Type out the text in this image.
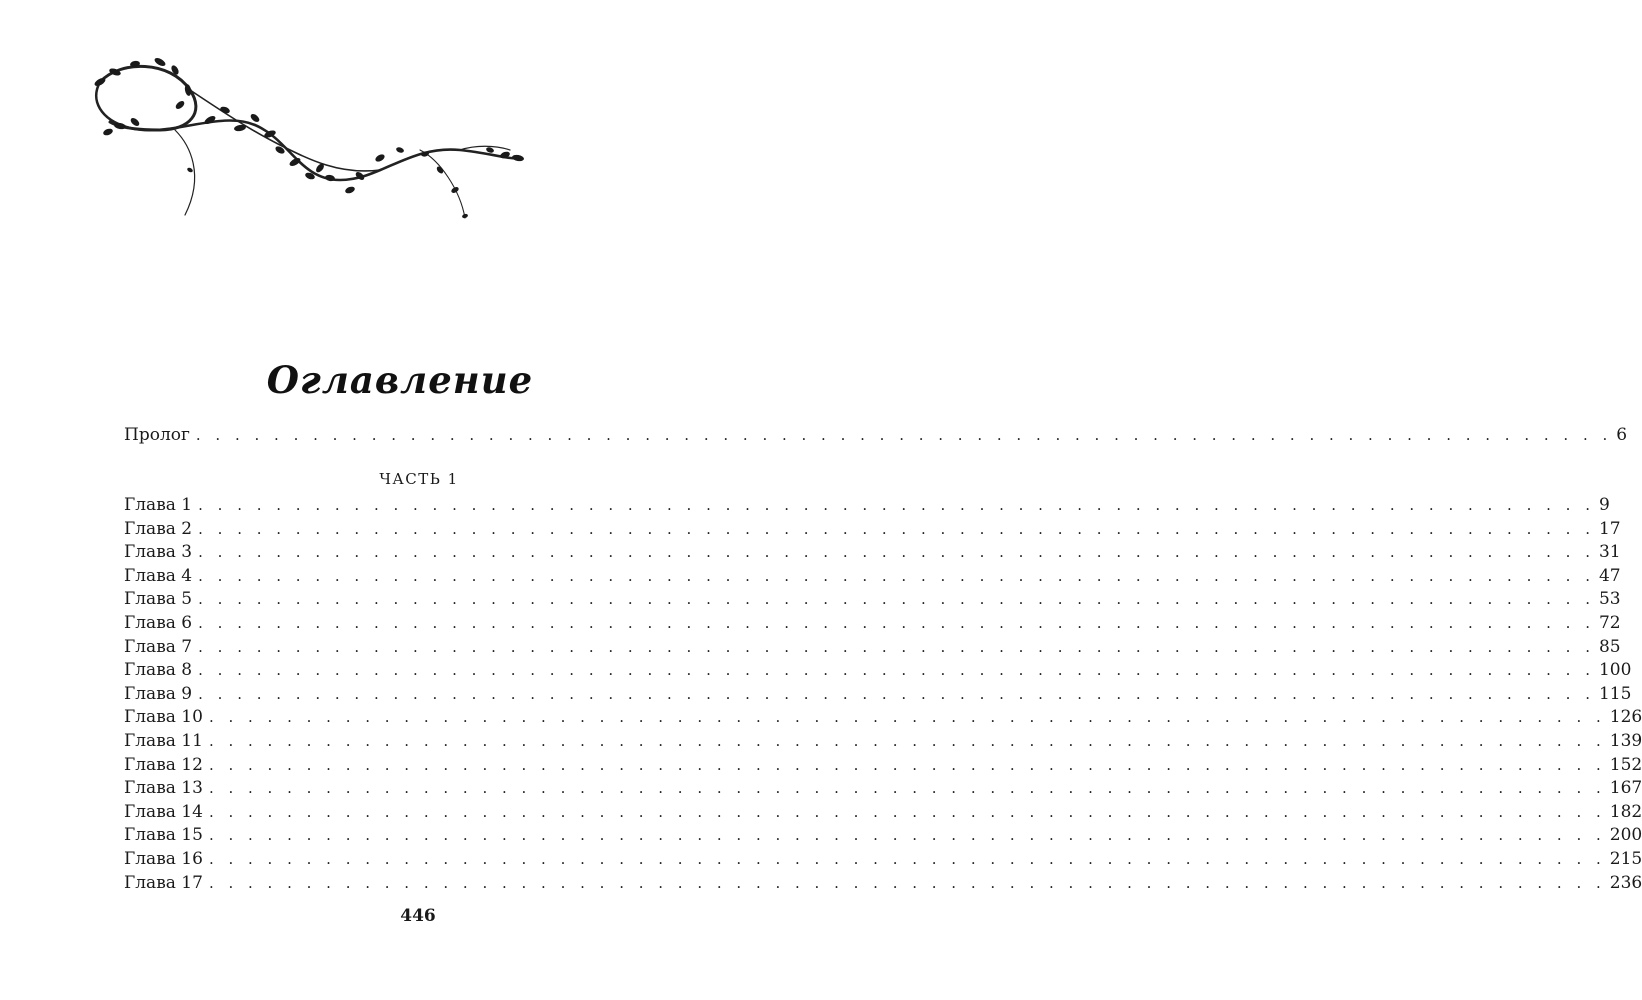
Оглавление
Пролог . . . . . . . . . . . . . . . . . . . . . . . . . . . . . . . . . . . . . . . . . . . . . . . . . . . . . . . . . . . . . . . . . . . . . . . . . 6
ЧАСТЬ 1
Глава 1 . . . . . . . . . . . . . . . . . . . . . . . . . . . . . . . . . . . . . . . . . . . . . . . . . . . . . . . . . . . . . . . . . . . . . . . . 9
Глава 2 . . . . . . . . . . . . . . . . . . . . . . . . . . . . . . . . . . . . . . . . . . . . . . . . . . . . . . . . . . . . . . . . . . . . . . . . 17
Глава 3 . . . . . . . . . . . . . . . . . . . . . . . . . . . . . . . . . . . . . . . . . . . . . . . . . . . . . . . . . . . . . . . . . . . . . . . . 31
Глава 4 . . . . . . . . . . . . . . . . . . . . . . . . . . . . . . . . . . . . . . . . . . . . . . . . . . . . . . . . . . . . . . . . . . . . . . . . 47
Глава 5 . . . . . . . . . . . . . . . . . . . . . . . . . . . . . . . . . . . . . . . . . . . . . . . . . . . . . . . . . . . . . . . . . . . . . . . . 53
Глава 6 . . . . . . . . . . . . . . . . . . . . . . . . . . . . . . . . . . . . . . . . . . . . . . . . . . . . . . . . . . . . . . . . . . . . . . . . 72
Глава 7 . . . . . . . . . . . . . . . . . . . . . . . . . . . . . . . . . . . . . . . . . . . . . . . . . . . . . . . . . . . . . . . . . . . . . . . . 85
Глава 8 . . . . . . . . . . . . . . . . . . . . . . . . . . . . . . . . . . . . . . . . . . . . . . . . . . . . . . . . . . . . . . . . . . . . . . . . 100
Глава 9 . . . . . . . . . . . . . . . . . . . . . . . . . . . . . . . . . . . . . . . . . . . . . . . . . . . . . . . . . . . . . . . . . . . . . . . . 115
Глава 10 . . . . . . . . . . . . . . . . . . . . . . . . . . . . . . . . . . . . . . . . . . . . . . . . . . . . . . . . . . . . . . . . . . . . . . . . 126
Глава 11 . . . . . . . . . . . . . . . . . . . . . . . . . . . . . . . . . . . . . . . . . . . . . . . . . . . . . . . . . . . . . . . . . . . . . . . . 139
Глава 12 . . . . . . . . . . . . . . . . . . . . . . . . . . . . . . . . . . . . . . . . . . . . . . . . . . . . . . . . . . . . . . . . . . . . . . . . 152
Глава 13 . . . . . . . . . . . . . . . . . . . . . . . . . . . . . . . . . . . . . . . . . . . . . . . . . . . . . . . . . . . . . . . . . . . . . . . . 167
Глава 14 . . . . . . . . . . . . . . . . . . . . . . . . . . . . . . . . . . . . . . . . . . . . . . . . . . . . . . . . . . . . . . . . . . . . . . . . 182
Глава 15 . . . . . . . . . . . . . . . . . . . . . . . . . . . . . . . . . . . . . . . . . . . . . . . . . . . . . . . . . . . . . . . . . . . . . . . . 200
Глава 16 . . . . . . . . . . . . . . . . . . . . . . . . . . . . . . . . . . . . . . . . . . . . . . . . . . . . . . . . . . . . . . . . . . . . . . . . 215
Глава 17 . . . . . . . . . . . . . . . . . . . . . . . . . . . . . . . . . . . . . . . . . . . . . . . . . . . . . . . . . . . . . . . . . . . . . . . . 236
446
